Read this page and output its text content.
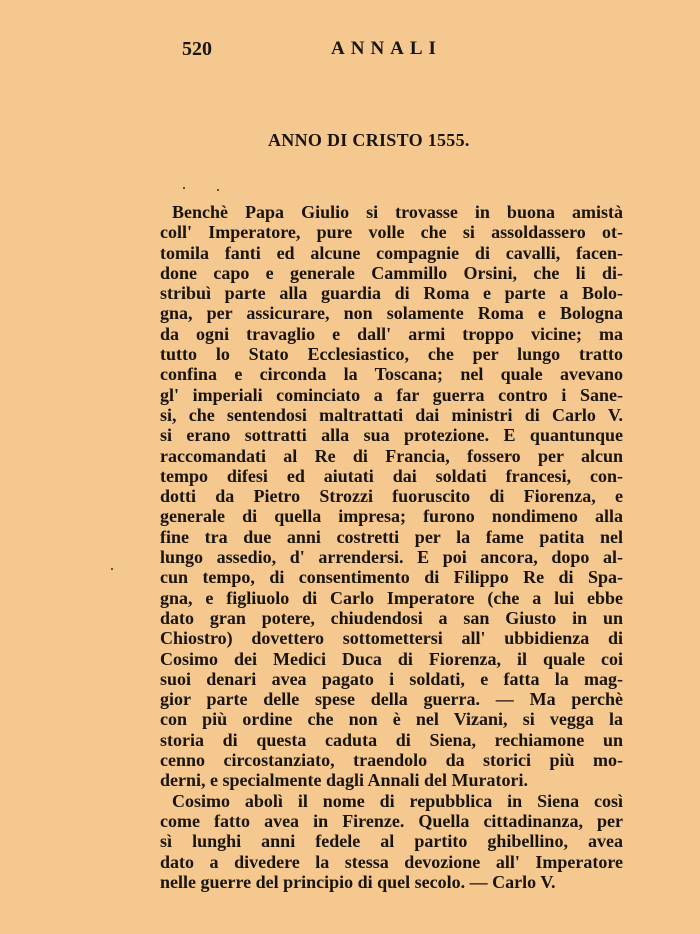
520	ANNALI
ANNO DI CRISTO 1555.
Benchè Papa Giulio si trovasse in buona amistà
coll' Imperatore, pure volle che si assoldassero ot-
tomila fanti ed alcune compagnie di cavalli, facen-
done capo e generale Cammillo Orsini, che li di-
stribuì parte alla guardia di Roma e parte a Bolo-
gna, per assicurare, non solamente Roma e Bologna
da ogni travaglio e dall' armi troppo vicine; ma
tutto lo Stato Ecclesiastico, che per lungo tratto
confina e circonda la Toscana; nel quale avevano
gl' imperiali cominciato a far guerra contro i Sane-
si, che sentendosi maltrattati dai ministri di Carlo V.
si erano sottratti alla sua protezione. E quantunque
raccomandati al Re di Francia, fossero per alcun
tempo difesi ed aiutati dai soldati francesi, con-
dotti da Pietro Strozzi fuoruscito di Fiorenza, e
generale di quella impresa; furono nondimeno alla
fine tra due anni costretti per la fame patita nel
lungo assedio, d' arrendersi. E poi ancora, dopo al-
cun tempo, di consentimento di Filippo Re di Spa-
gna, e figliuolo di Carlo Imperatore (che a lui ebbe
dato gran potere, chiudendosi a san Giusto in un
Chiostro) dovettero sottomettersi all' ubbidienza di
Cosimo dei Medici Duca di Fiorenza, il quale coi
suoi denari avea pagato i soldati, e fatta la mag-
gior parte delle spese della guerra. — Ma perchè
con più ordine che non è nel Vizani, si vegga la
storia di questa caduta di Siena, rechiamone un
cenno circostanziato, traendolo da storici più mo-
derni, e specialmente dagli Annali del Muratori.
Cosimo abolì il nome di repubblica in Siena così
come fatto avea in Firenze. Quella cittadinanza, per
sì lunghi anni fedele al partito ghibellino, avea
dato a divedere la stessa devozione all' Imperatore
nelle guerre del principio di quel secolo. — Carlo V.
